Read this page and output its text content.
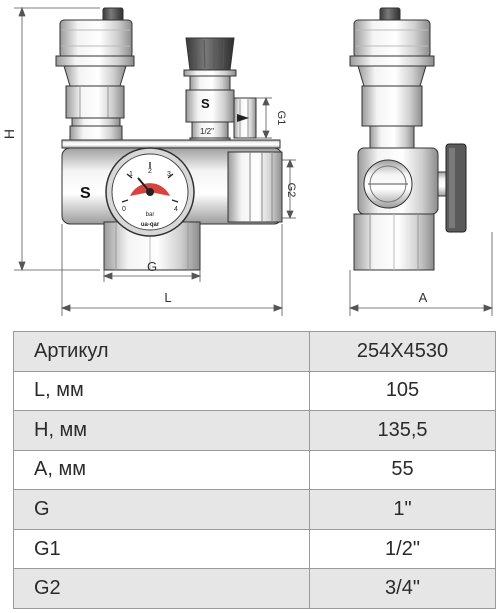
S
1/2"
S
0
1 2 3
4
bar
ua-qar
H
G
L
G1
G2
A
Артикул	254X4530
L, мм	105
H, мм	135,5
A, мм	55
G	1"
G1	1/2"
G2	3/4"
